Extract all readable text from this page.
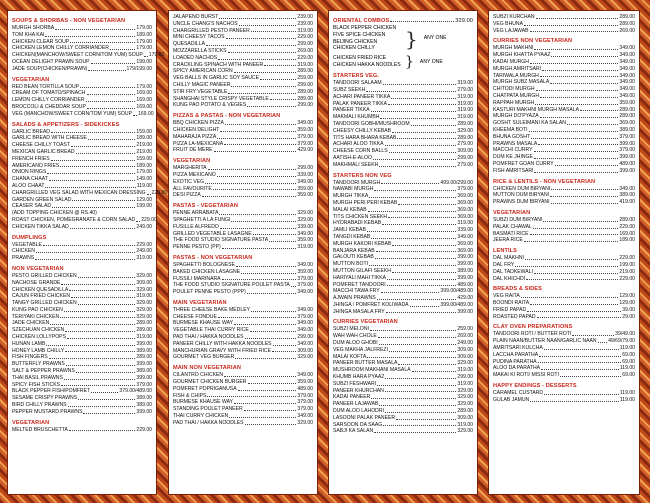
SOUPS & SHORBAS - NON VEGETARIAN
MURGH SHORBA	179.00
TOM KHA KAI	189.00
CHICKEN CLEAR SOUP	179.00
CHICKEN LEMON CHILLY CORRIANDER	179.00
CHICKEN(MANCHOW/SWEET CORN/TOM YUM) SOUP 179.00
OCEAN DELIGHT PRAWN SOUP	199.00
JADE SOUP(CHICKEN/PRAWN)	179/199.00
VEGETARIAN
RED BEAN TORTILLA SOUP	179.00
CREAM OF TOMATO/SPINACH	169.00
LEMON CHILLY CORRIANDER	169.00
BROCCOLI & CHEDDAR SOUP	169.00
VEG (MANCHOW/SWEET CORN/TOM YUM) SOUP 169.00
SALADS & APPETIZERS - SIDEKICKES
GARLIC BREAD	159.00
GARLIC BREAD WITH CHEESE	189.00
CHEESE CHILLY TOAST	219.00
MEXICAN GARLIC BREAD	219.00
FRENCH FRIES	159.00
AMERICANO FRIES	189.00
ONION RINGS	179.00
CHANA CHAAT	149.00
ALOO CHAAT	119.00
CHARGRILLED VEG SALAD WITH MEXICAN DRESSING 229.00
GARDEN GREEN SALAD	129.00
CEASER SALAD	199.00
(ADD TOPPING CHICKEN @ RS.40)
ROAST CHICKEN, POMEGRANATE & CORN SALAD 229.00
CHICKEN TIKKA SALAD	249.00
DUMPLINGS
VEGETABLE	229.00
CHICKEN	249.00
PRAWNS	319.00
NON VEGETARIAN
PESTO GRILLED CHICKEN	329.00
NACHOSE GRANDE	309.00
CHICKEN QUESADILLA	329.00
CAJUN FRIED CHICKEN	319.00
TANGY GRILLED CHICKEN	329.00
KUNG PAO CHICKEN	329.00
TERIYAKI CHICKEN	329.00
JADE CHICKEN	289.00
SZECHUAN CHICKEN	289.00
CHICKEN LOLLYPOPS	319.00
HUNAN LAMB	399.00
HONEY LAMB CHILLY	389.00
FISH FINGERS	289.00
BUTTERFLY PRAWNS	399.00
SALT & PEPPER PRAWNS	389.00
THAI BASIL PRAWNS	399.00
SPICY FISH STICKS	379.00
BLACK PEPPER FISH/POMFRET	379.00/489.00
SESAME CRISPY PRAWNS	389.00
BIRD CHILLY PRAWNS	389.00
PEPPER MUSTARD PRAWNS	399.00
VEGETARIAN
MELTED BRUSCHETTA	229.00
JALAPENO BURST	239.00
UNCLE CHANG'S NACHOS	239.00
CHARGRILLED PESTO PANEER	319.00
MINI CHEESY TACOS	229.00
QUESADILLA	299.00
MOZZARELLA STICKS	269.00
LOADED NACHOS	229.00
CRACKLING SPINACH WITH PANEER	319.00
SPICY AMERICAN CORN	289.00
VEG BALLS IN GARLIC SOY SAUCE	259.00
CHILLY MAGIC PANEER	299.00
STIR FRY VEGETABLE	289.00
SHANGHAI STYLE CRISPY VEGETABLE	289.00
KUNG PAO POTATO & VEGIES	299.00
PIZZAS & PASTAS - NON VEGETARIAN
BBQ CHICKEN PIZZA	349.00
CHICKEN DELIGHT	359.00
MAHARAJA PIZZA	379.00
PIZZA LA-MEXICANA	379.00
FRUIT DE MERE	429.00
VEGETARIAN
MARGHERITA	299.00
PIZZA MEXICANO	339.00
EXOTIC VEG	349.00
ALL FAVOURITE	359.00
DESI PIZZA	359.00
PASTAS - VEGETARIAN
PENNE ARRABATA	329.00
SPAGHETTI A LA FUNGI	329.00
FUSILLE ALFREDO	339.00
GRILLED VEGETABLE LASAGNE	349.00
THE FOOD STUDIO SIGNATURE PASTA	359.00
PENNE PESTO (PP)	319.00
PASTAS - NON VEGETARIAN
SPAGHETTI BOLOGNESE	349.00
BAKED CHICKEN LASAGNE	359.00
FUSSILI MARINARA	379.00
THE FOOD STUDIO SIGNATURE POULET PASTA 379.00
POULET PENNE PESTO (PPP)	349.00
MAIN VEGETARIAN
THREE CHEESE BAKE MEDLEY	349.00
CHEESE FONDUE	379.00
BURMESE KHAUSE WAY	349.00
VEGETABLE THAI CURRY RICE	349.00
PAD THAI / HAKKA NOODLES	299.00
PANEER CHILLY WITH HAKKA NOODLES	349.00
MANCHURIAN GRAVY WITH FRIED RICE	309.00
GOURMET VEG BURGER	329.00
MAIN NON VEGETARIAN
CILANTRO CHICKEN	349.00
GOURMET CHICKEN BURGER	359.00
POMFRET POPRIGANUSA	489.00
FISH & CHIPS	379.00
BURMESE KHAUSE WAY	379.00
STANDING POULET PANEER	379.00
THAI CURRY CHICKEN	349.00
PAD THAI / HAKKA NOODLES	329.00
ORIENTAL COMBOS	329.00
BLACK PEPPER CHICKEN
FIVE SPICE CHICKEN
BEIJING CHICKEN
CHICKEN CHILLY	} ANY ONE
CHICKEN FRIED RICE
CHICKEN HAKKA NOODLES } ANY ONE
STARTERS VEG.
TANDOORI SALAAM	319.00
SUBZ SEEKH	279.00
ACHARI PANEER TIKKA	319.00
PALAK PANEER TIKKA	319.00
PANEER TIKKA	319.00
MAKMALI KHUMBH	319.00
TANDOORI GOBHI/MUSHROOM	289.00
CHEESY CHILLY KEBAB	329.00
TITS HARA BHARA KEBAB	289.00
ACHARI ALOO TIKKA	279.00
CHEESE CORN BALLS	309.00
AATISH-E-ALOO	299.00
MAKHMALI SEEKH	279.00
STARTERS NON VEG
TANDOORI MURGH	499.00/299.00
NAWABI MURGH	379.00
MURGH TIKKA	369.00
MURGH PERI PERI KEBAB	369.00
MALAI KEBAB	369.00
TITS CHICKEN SEEKH	369.00
HYDRABADI KEBAB	319.00
JAMLI KEBAB	339.00
TANGDI KEBAB	349.00
MURGH KAKORI KEBAB	369.00
BANJARA KEBAB	369.00
GALOUTI KEBAB	399.00
MUTTON BOTI	399.00
MUTTON GILAFI SEEKH	389.00
HARIYALI MAHI TIKKA	399.00
POMFRET TANDOORI	489.00
MACCHI TAWA FRY	399.00/489.00
AJWAIN PRAWNS	429.00
JHINGA / POMFRET KOLIWADA	399.00/489.00
JHINGA MASALA FRY	399.00
CURRIES VEGETARIAN
SUBZI MELONI	259.00
WAH WAH CHOLE	269.00
DUM ALOO GHOBI	249.00
VEG MAKHA JALFREZI	309.00
MALAI KOFTA	309.00
PANEER BUTTER MASALA	329.00
MUSHROOM MAKHANI MASALA	319.00
KHUMB HARA PYAAZ	299.00
SUBZI FESHWARI	319.00
PANEER KHURCHAN	329.00
KADAI PANEER	329.00
PANEER LAJAWAB	329.00
DUM ALOO LAHODRI	289.00
LASOONI PALAK PANEER	309.00
SARSOON DA SAAG	319.00
SABJI KA SALAN	329.00
SUBZI KURCHAN	289.00
VEG BHUNA	289.00
VEG LAJAWAB	269.00
CURRIES NON VEGETARIAN
MURGH MAKHNI	349.00
MURGH KHATTA PYAAZ	349.00
KADAI MURGH	349.00
MURGH AMRITSARI	349.00
TARIWALA MURGH	349.00
MURGH SUBZ MASALA	349.00
CHITODI MURGH	349.00
CHATPATA MURGH	349.00
RAPPAH MURGH	359.00
KASTURI MAKHNI MURGH MASALA	289.00
MURGH DO'PYAZA	289.00
GOSHT SULEIMANI KA SALAN	369.00
KHEEMA BOTI	389.00
BHUNA GOSHT	379.00
PRAWNS MASALA	399.00
MACCHI CURRY	379.00
DUM KE JHINGE	399.00
POMFRET GOAN CURRY	489.00
FISH AMRITSARI	399.00
RICE & LENTILS - NON VEGETARIAN
CHICKEN DUM BIRYANI	349.00
MUTTON DUM BIRYANI	389.00
PRAWNS DUM BIRYANI	419.00
VEGETARIAN
SUBZI DUM BIRYANI	289.00
PALAK CHAWAL	229.00
BASMATI RICE	169.00
JEERA RICE	189.00
LENTILS
DAL MAKHNI	229.00
DAL FRY	199.00
DAL TADKEWALI	219.00
DAL KHICHDI	229.00
BREADS & SIDES
VEG RAITA	129.00
BOONDI RAITA	129.00
FRIED PAPAD	39.00
ROASTED PAPAD	29.00
CLAY OVEN PREPARATIONS
TANDOORI ROTI / BUTTER ROTI	39/49.00
PLAIN NAAN/BUTTER NAAN/GARLIC NAAN 49/69/79.00
AMRITSARI KULCHA	119.00
LACCHA PARATHA	69.00
PUDINA PARATHA	69.00
ALOO DA PARATHA	119.00
MAKAI KI ROTI/ MISSI ROTI	69.00
HAPPY ENDINGS - DESSERTS
CARAMEL CUSTARD	119.00
GULAB JAMUN	119.00
